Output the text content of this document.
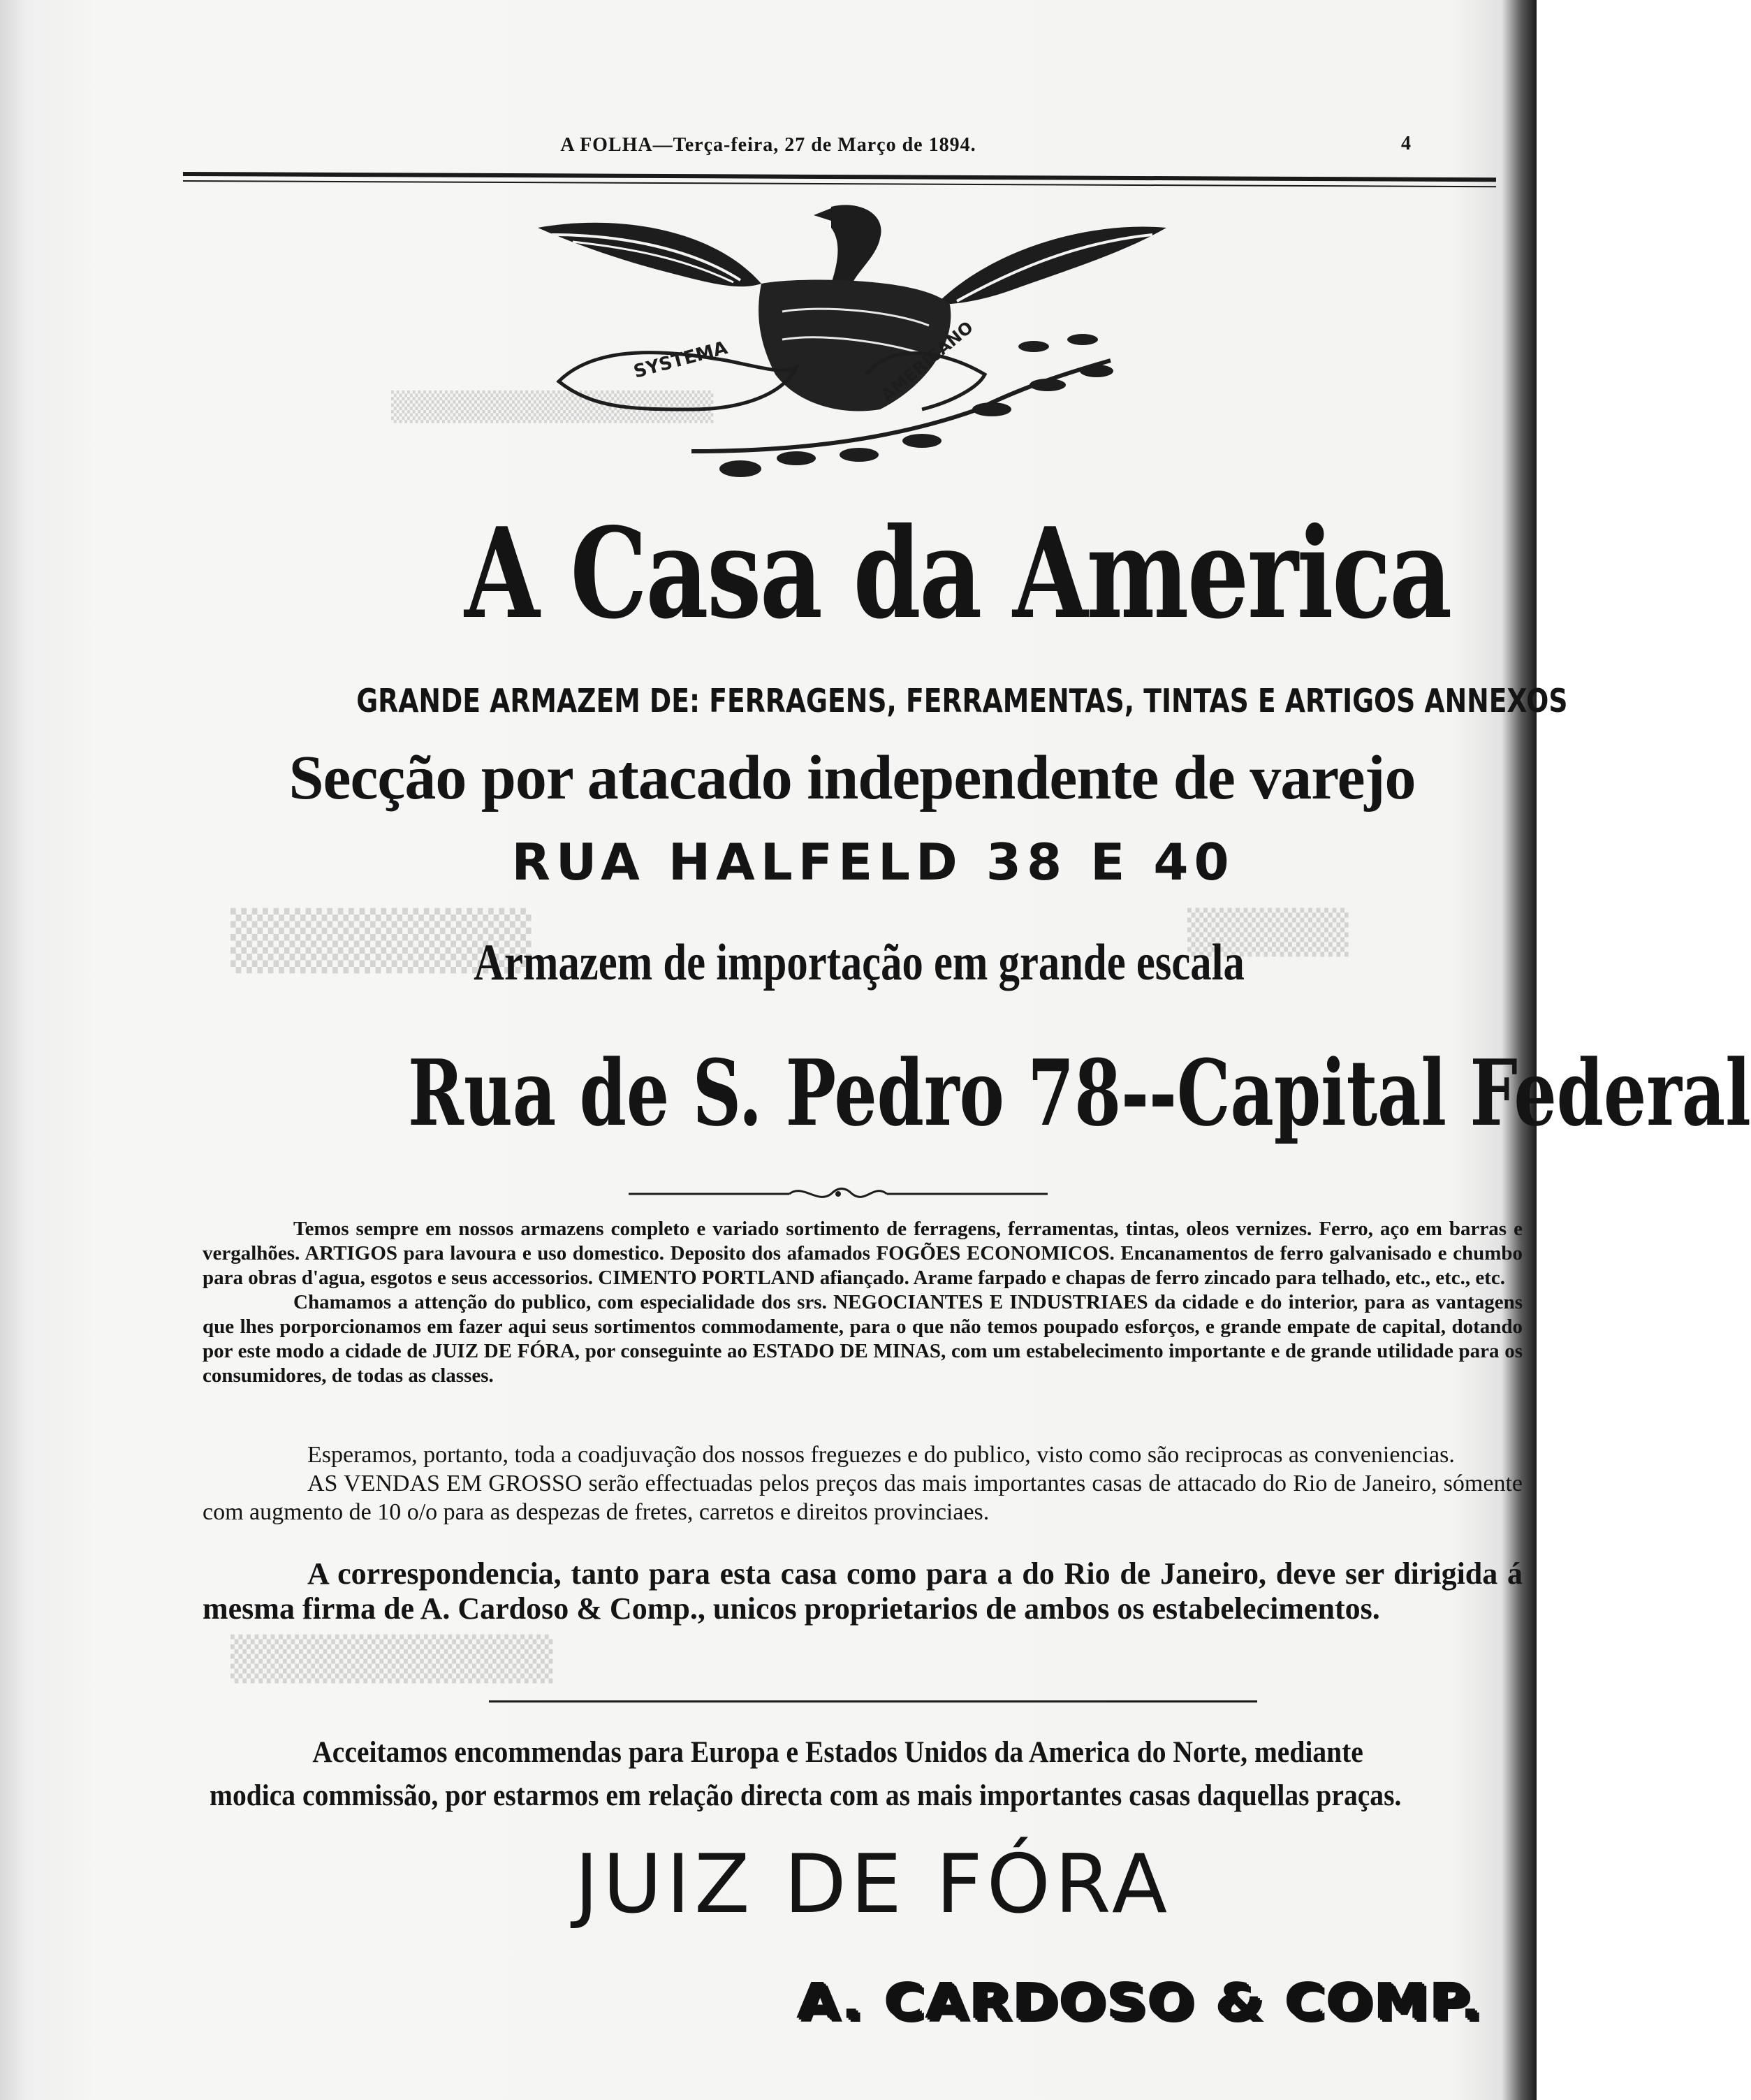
▒▒▒▒▒▒▒▒▒▒▒▒▒▒▒
▒▒▒▒▒▒▒	▒▒▒▒▒
▒▒▒▒▒▒▒▒▒▒
A FOLHA—Terça-feira, 27 de Março de 1894.	4
SYSTEMA	AMERICANO
A Casa da America
GRANDE ARMAZEM DE: FERRAGENS, FERRAMENTAS, TINTAS E ARTIGOS ANNEXOS
Secção por atacado independente de varejo
RUA HALFELD 38 E 40
Armazem de importação em grande escala
Rua de S. Pedro 78--Capital Federal

Temos sempre em nossos armazens completo e variado sortimento de ferragens, ferramentas, tintas, oleos vernizes. Ferro, aço em barras e vergalhões. ARTIGOS para lavoura e uso domestico. Deposito dos afamados FOGÕES ECONOMICOS. Encanamentos de ferro galvanisado e chumbo para obras d'agua, esgotos e seus accessorios. CIMENTO PORTLAND afiançado. Arame farpado e chapas de ferro zincado para telhado, etc., etc., etc.

Chamamos a attenção do publico, com especialidade dos srs. NEGOCIANTES E INDUSTRIAES da cidade e do interior, para as vantagens que lhes porporcionamos em fazer aqui seus sortimentos commodamente, para o que não temos poupado esforços, e grande empate de capital, dotando por este modo a cidade de JUIZ DE FÓRA, por conseguinte ao ESTADO DE MINAS, com um estabelecimento importante e de grande utilidade para os consumidores, de todas as classes.

Esperamos, portanto, toda a coadjuvação dos nossos freguezes e do publico, visto como são reciprocas as conveniencias.

AS VENDAS EM GROSSO serão effectuadas pelos preços das mais importantes casas de attacado do Rio de Janeiro, sómente com augmento de 10 o/o para as despezas de fretes, carretos e direitos provinciaes.

A correspondencia, tanto para esta casa como para a do Rio de Janeiro, deve ser dirigida á mesma firma de A. Cardoso & Comp., unicos proprietarios de ambos os estabelecimentos.

Acceitamos encommendas para Europa e Estados Unidos da America do Norte, mediante modica commissão, por estarmos em relação directa com as mais importantes casas daquellas praças.

JUIZ DE FÓRA
A. CARDOSO & COMP.
